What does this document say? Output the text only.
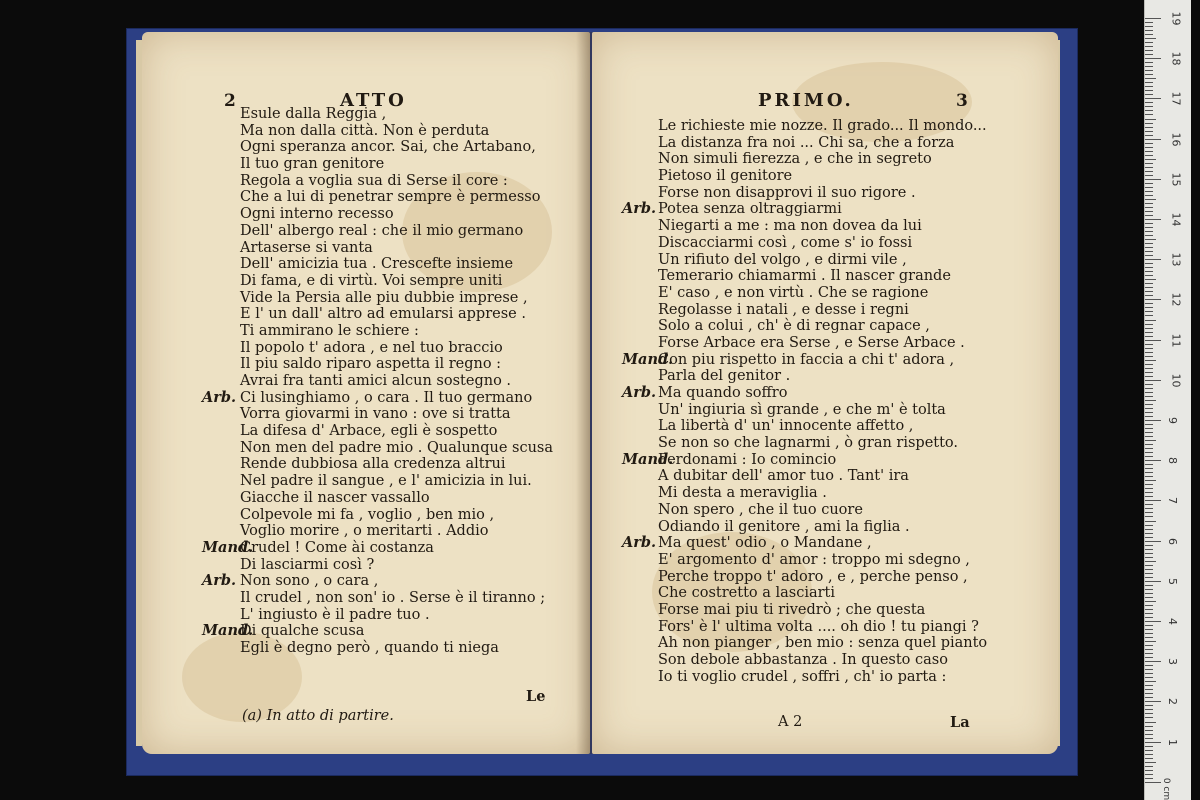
2	ATTO
Esule dalla Reggia ,
Ma non dalla città. Non è perduta
Ogni speranza ancor. Sai, che Artabano,
Il tuo gran genitore
Regola a voglia sua di Serse il core :
Che a lui di penetrar sempre è permesso
Ogni interno recesso
Dell' albergo real : che il mio germano
Artaserse si vanta
Dell' amicizia tua . Crescefte insieme
Di fama, e di virtù. Voi sempre uniti
Vide la Persia alle piu dubbie imprese ,
E l' un dall' altro ad emularsi apprese .
Ti ammirano le schiere :
Il popolo t' adora , e nel tuo braccio
Il piu saldo riparo aspetta il regno :
Avrai fra tanti amici alcun sostegno .
Arb. Ci lusinghiamo , o cara . Il tuo germano
Vorra giovarmi in vano : ove si tratta
La difesa d' Arbace, egli è sospetto
Non men del padre mio . Qualunque scusa
Rende dubbiosa alla credenza altrui
Nel padre il sangue , e l' amicizia in lui.
Giacche il nascer vassallo
Colpevole mi fa , voglio , ben mio ,
Voglio morire , o meritarti . Addio
Mand.
Crudel ! Come ài costanza
Di lasciarmi così ?
Arb. Non sono , o cara ,
Il crudel , non son' io . Serse è il tiranno ;
L' ingiusto è il padre tuo .
Mand.
Di qualche scusa
Egli è degno però , quando ti niega
Le
(a) In atto di partire.
PRIMO.	3
Le richieste mie nozze. Il grado... Il mondo...
La distanza fra noi ... Chi sa, che a forza
Non simuli fierezza , e che in segreto
Pietoso il genitore
Forse non disapprovi il suo rigore .
Arb. Potea senza oltraggiarmi
Niegarti a me : ma non dovea da lui
Discacciarmi così , come s' io fossi
Un rifiuto del volgo , e dirmi vile ,
Temerario chiamarmi . Il nascer grande
E' caso , e non virtù . Che se ragione
Regolasse i natali , e desse i regni
Solo a colui , ch' è di regnar capace ,
Forse Arbace era Serse , e Serse Arbace .
Mand.
Con piu rispetto in faccia a chi t' adora ,
Parla del genitor .
Arb. Ma quando soffro
Un' ingiuria sì grande , e che m' è tolta
La libertà d' un' innocente affetto ,
Se non so che lagnarmi , ò gran rispetto.
Mand.
Perdonami : Io comincio
A dubitar dell' amor tuo . Tant' ira
Mi desta a meraviglia .
Non spero , che il tuo cuore
Odiando il genitore , ami la figlia .
Arb. Ma quest' odio , o Mandane ,
E' argomento d' amor : troppo mi sdegno ,
Perche troppo t' adoro , e , perche penso ,
Che costretto a lasciarti
Forse mai piu ti rivedrò ; che questa
Fors' è l' ultima volta .... oh dio ! tu piangi ?
Ah non pianger , ben mio : senza quel pianto
Son debole abbastanza . In questo caso
Io ti voglio crudel , soffri , ch' io parta :
A 2	La
0 cm
19
18
17
16
15
14
13
12
11
10
9
8
7
6
5
4
3
2
1
